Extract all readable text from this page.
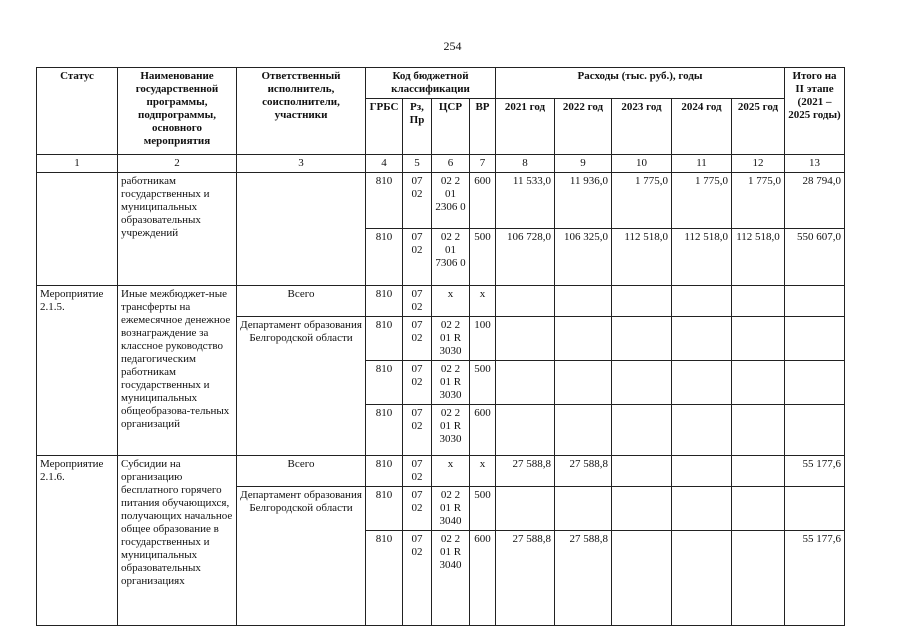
254
Статус	Наименование государственной программы, подпрограммы, основного мероприятия	Ответственный исполнитель, соисполнители, участники	Код бюджетной классификации				Расходы (тыс. руб.), годы					Итого на II этапе (2021 – 2025 годы)
			ГРБС	Рз, Пр	ЦСР	ВР	2021 год	2022 год	2023 год	2024 год	2025 год	
1	2	3	4	5	6	7	8	9	10	11	12	13
	работникам государственных и муниципальных образовательных учреждений		810	07 02	02 2 01 2306 0	600	11 533,0	11 936,0	1 775,0	1 775,0	1 775,0	28 794,0
			810	07 02	02 2 01 7306 0	500	106 728,0	106 325,0	112 518,0	112 518,0	112 518,0	550 607,0
Мероприятие 2.1.5.	Иные межбюджет-ные трансферты на ежемесячное денежное вознаграждение за классное руководство педагогическим работникам государственных и муниципальных общеобразова-тельных организаций	Всего	810	07 02	x	x						
		Департамент образования Белгородской области	810	07 02	02 2 01 R 3030	100						
			810	07 02	02 2 01 R 3030	500						
			810	07 02	02 2 01 R 3030	600						
Мероприятие 2.1.6.	Субсидии на организацию бесплатного горячего питания обучающихся, получающих начальное общее образование в государственных и муниципальных образовательных организациях	Всего	810	07 02	x	x	27 588,8	27 588,8				55 177,6
		Департамент образования Белгородской области	810	07 02	02 2 01 R 3040	500						
			810	07 02	02 2 01 R 3040	600	27 588,8	27 588,8				55 177,6
